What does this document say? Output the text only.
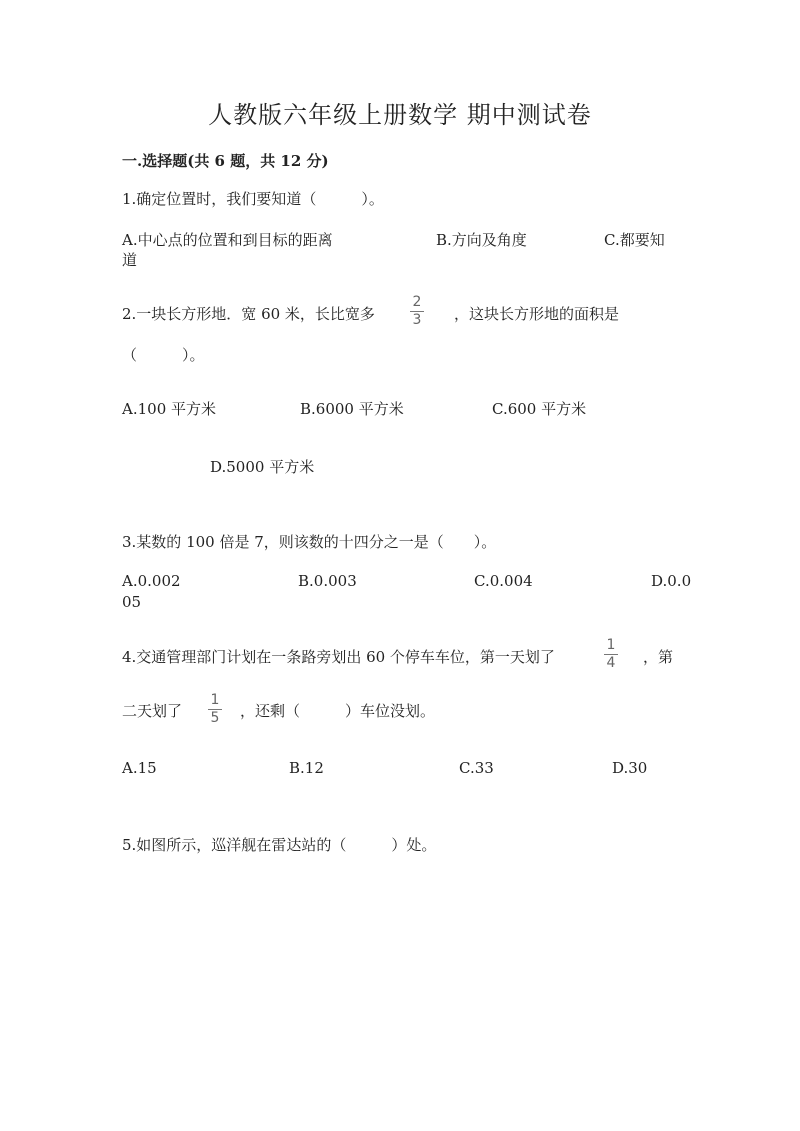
人教版六年级上册数学 期中测试卷
一.选择题(共 6 题，共 12 分)
1.确定位置时，我们要知道（　　　）。
A.中心点的位置和到目标的距离	B.方向及角度	C.都要知
道
2.一块长方形地．宽 60 米，长比宽多
2
3 ，这块长方形地的面积是
（　　　）。
A.100 平方米	B.6000 平方米	C.600 平方米
D.5000 平方米
3.某数的 100 倍是 7，则该数的十四分之一是（　　）。
A.0.002	B.0.003	C.0.004	D.0.0
05
4.交通管理部门计划在一条路旁划出 60 个停车车位，第一天划了
1
4 ，第
二天划了
1
5 ，还剩（　　　）车位没划。
A.15	B.12	C.33	D.30
5.如图所示，巡洋舰在雷达站的（　　　）处。
